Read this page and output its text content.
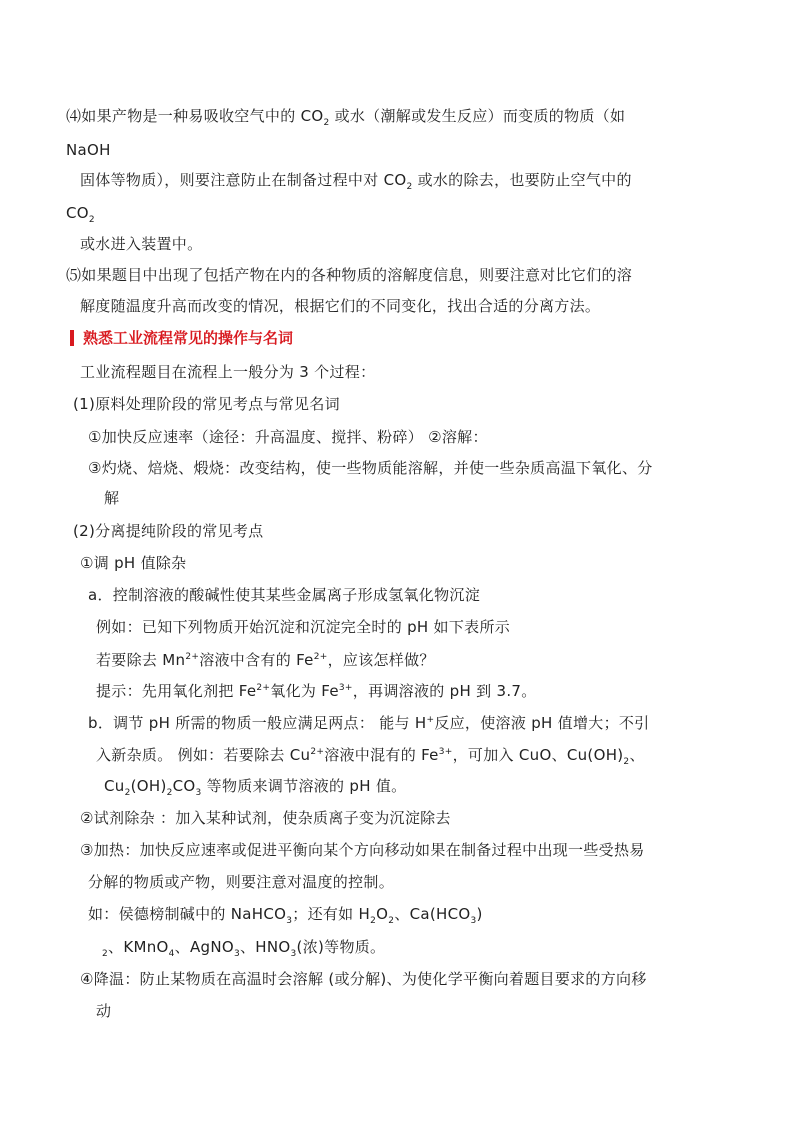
熟悉工业流程常见的操作与名词
⑷如果产物是一种易吸收空气中的 $CO_2$ 或水（潮解或发生反应）而变质的物质（如
NaOH
固体等物质），则要注意防止在制备过程中对 $CO_2$ 或水的除去，也要防止空气中的
$CO_2$
或水进入装置中。
⑸如果题目中出现了包括产物在内的各种物质的溶解度信息，则要注意对比它们的溶
解度随温度升高而改变的情况，根据它们的不同变化，找出合适的分离方法。
工业流程题目在流程上一般分为 3 个过程：
(1)原料处理阶段的常见考点与常见名词
①加快反应速率（途径：升高温度、搅拌、粉碎） ②溶解：
③灼烧、焙烧、煅烧：改变结构，使一些物质能溶解，并使一些杂质高温下氧化、分
解
(2)分离提纯阶段的常见考点
①调 pH 值除杂
a．控制溶液的酸碱性使其某些金属离子形成氢氧化物沉淀
例如：已知下列物质开始沉淀和沉淀完全时的 pH 如下表所示
若要除去 $Mn^{2+}$溶液中含有的 $Fe^{2+}$，应该怎样做？
提示：先用氧化剂把 $Fe^{2+}$氧化为 $Fe^{3+}$，再调溶液的 pH 到 3.7。
b．调节 pH 所需的物质一般应满足两点： 能与 H+反应，使溶液 pH 值增大；不引
入新杂质。 例如：若要除去 $Cu^{2+}$溶液中混有的 $Fe^{3+}$，可加入 CuO、$Cu(OH)_2$、
$Cu_2(OH)_2CO_3$ 等物质来调节溶液的 pH 值。
②试剂除杂 ：加入某种试剂，使杂质离子变为沉淀除去
③加热：加快反应速率或促进平衡向某个方向移动如果在制备过程中出现一些受热易
分解的物质或产物，则要注意对温度的控制。
如：侯德榜制碱中的 NaHCO$_3$；还有如 $H_2O_2$、$Ca(HCO_3)$
$_2$、KMnO$_4$、AgNO$_3$、$HNO_3$(浓)等物质。
④降温：防止某物质在高温时会溶解 (或分解)、为使化学平衡向着题目要求的方向移
动
